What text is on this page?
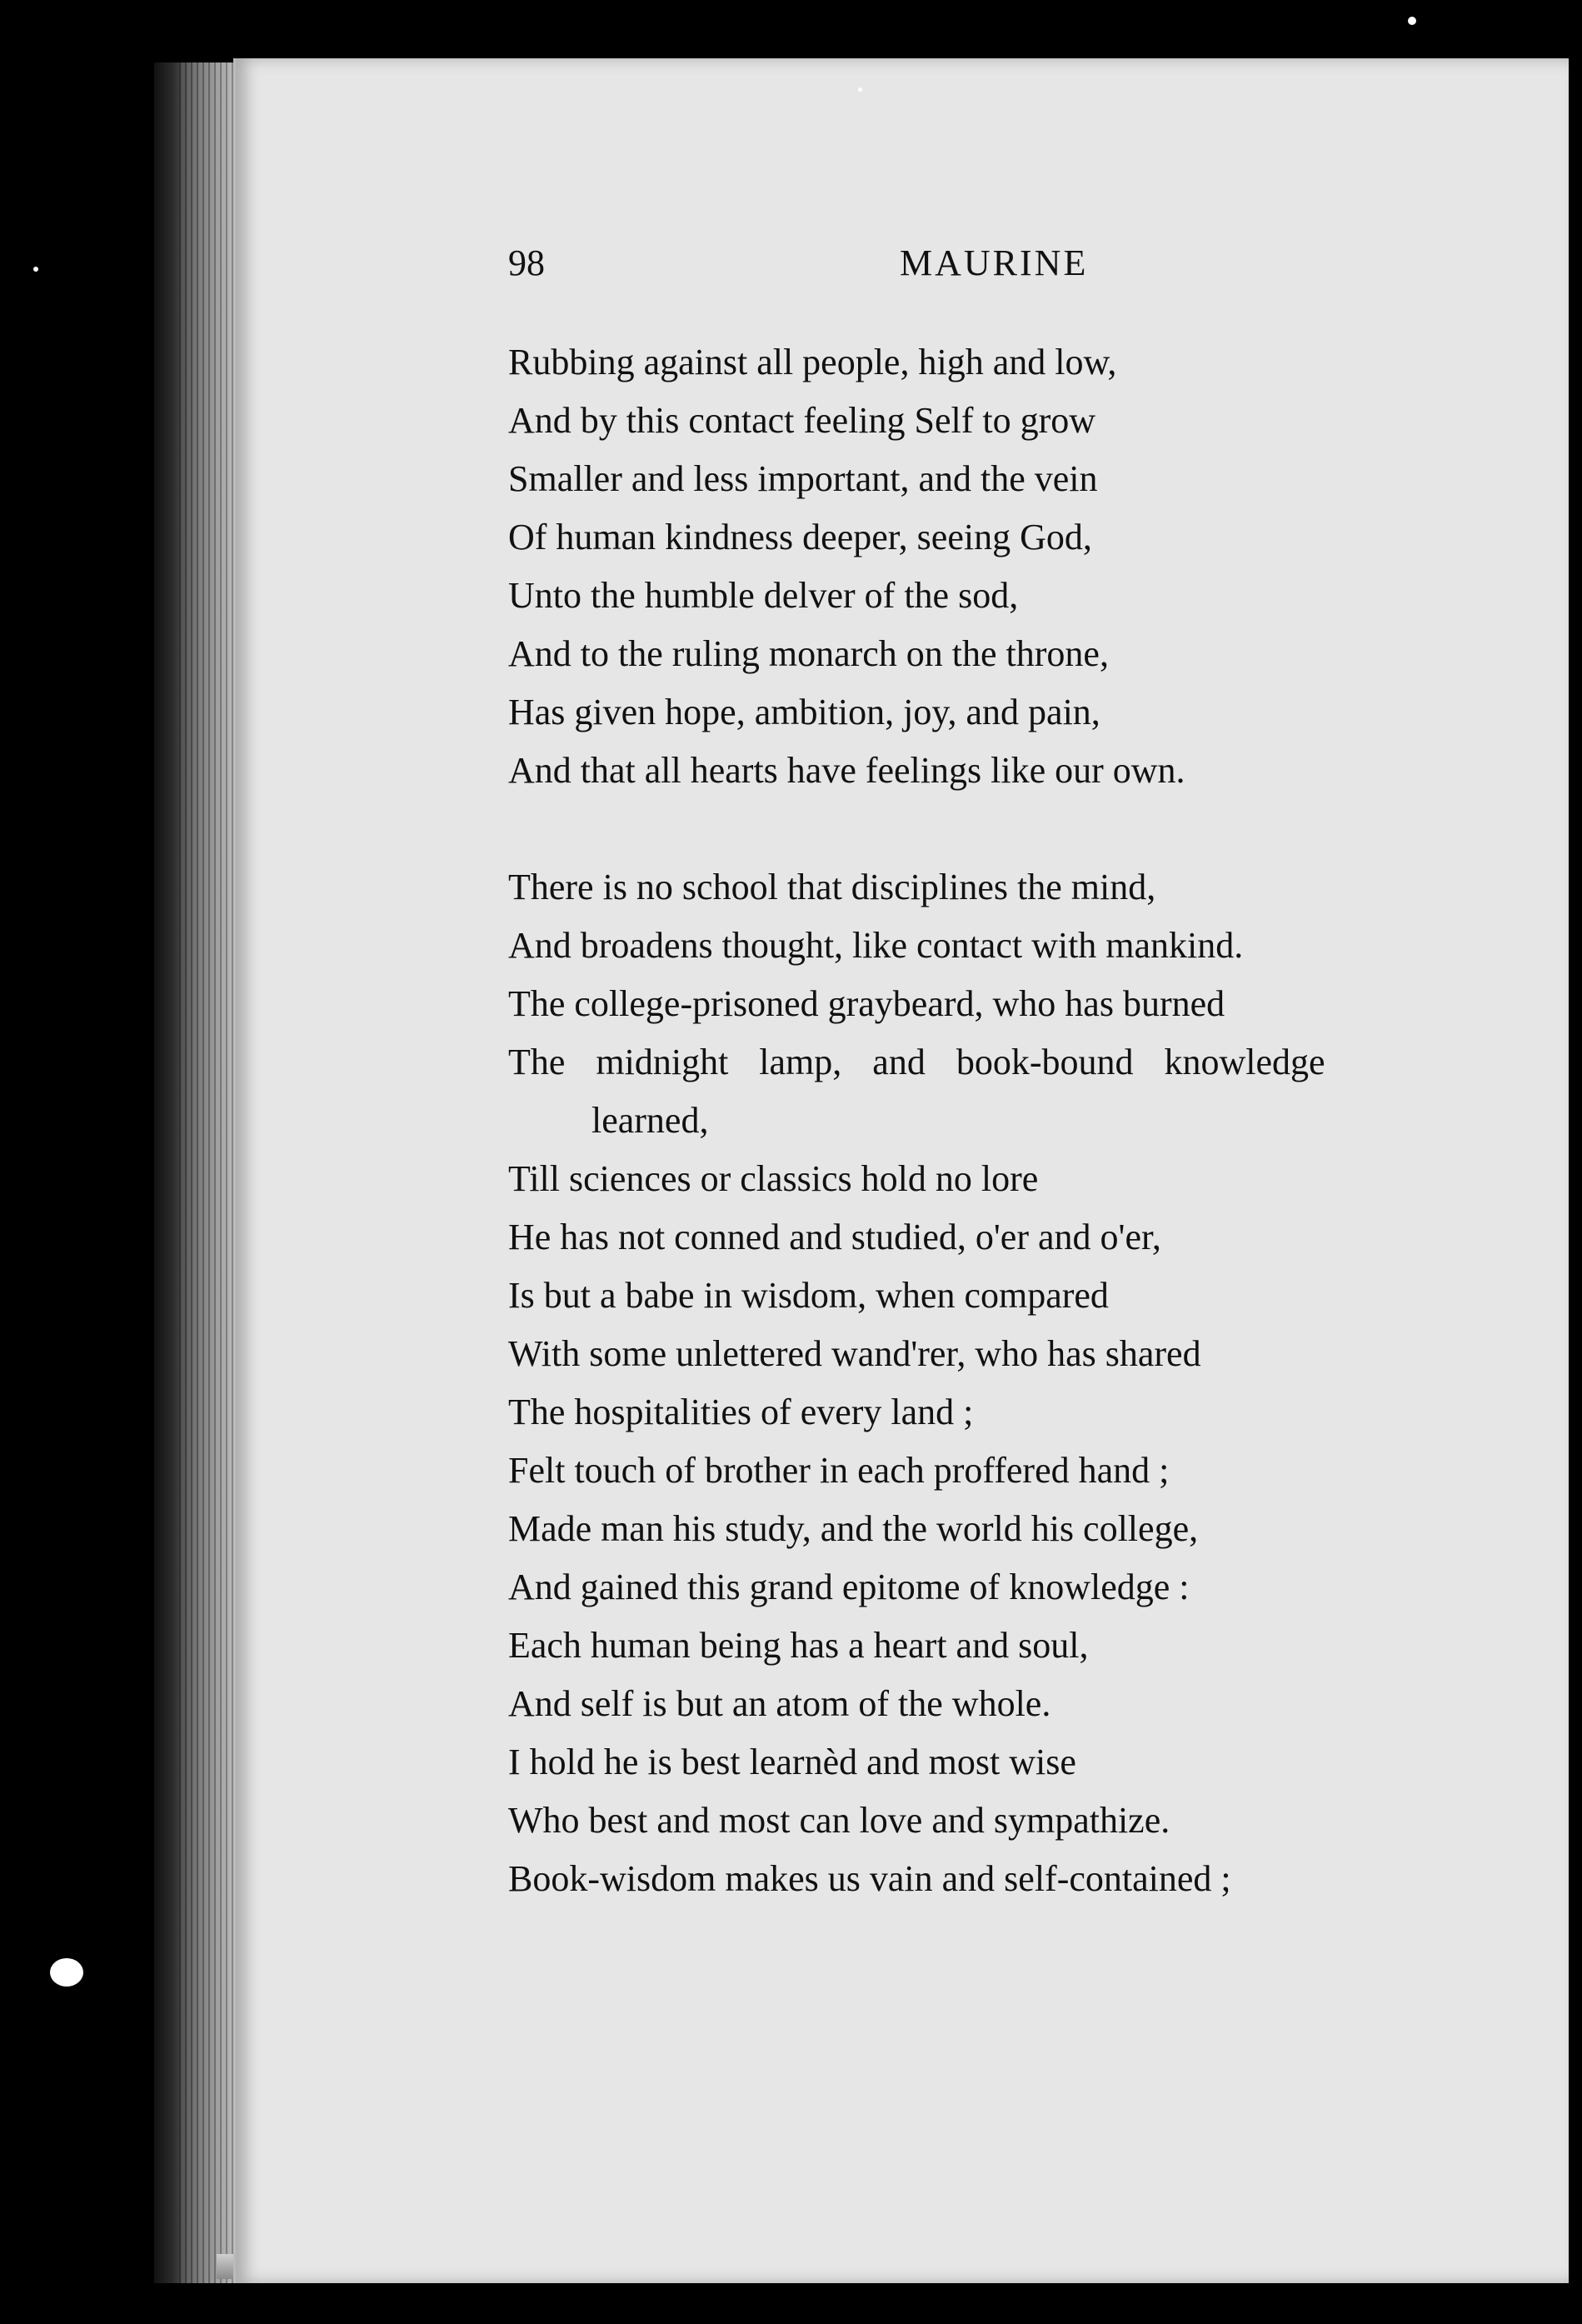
98	MAURINE
Rubbing against all people, high and low,
And by this contact feeling Self to grow
Smaller and less important, and the vein
Of human kindness deeper, seeing God,
Unto the humble delver of the sod,
And to the ruling monarch on the throne,
Has given hope, ambition, joy, and pain,
And that all hearts have feelings like our own.
There is no school that disciplines the mind,
And broadens thought, like contact with mankind.
The college-prisoned graybeard, who has burned
The midnight lamp, and book-bound knowledge
learned,
Till sciences or classics hold no lore
He has not conned and studied, o'er and o'er,
Is but a babe in wisdom, when compared
With some unlettered wand'rer, who has shared
The hospitalities of every land ;
Felt touch of brother in each proffered hand ;
Made man his study, and the world his college,
And gained this grand epitome of knowledge :
Each human being has a heart and soul,
And self is but an atom of the whole.
I hold he is best learnèd and most wise
Who best and most can love and sympathize.
Book-wisdom makes us vain and self-contained ;
